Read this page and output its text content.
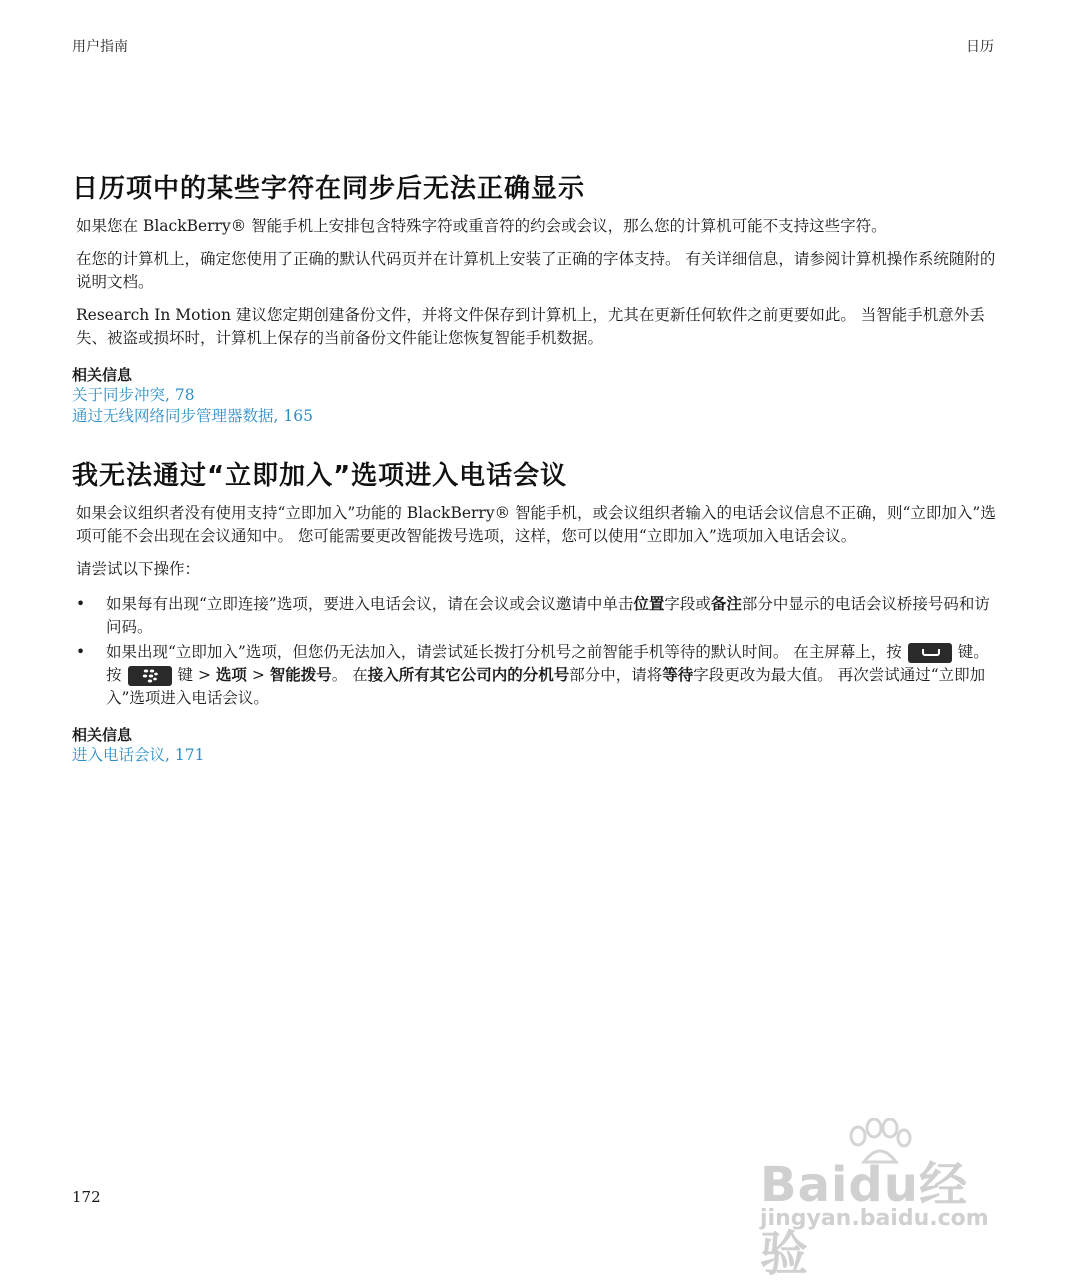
用户指南	日历
日历项中的某些字符在同步后无法正确显示

如果您在 BlackBerry® 智能手机上安排包含特殊字符或重音符的约会或会议，那么您的计算机可能不支持这些字符。

在您的计算机上，确定您使用了正确的默认代码页并在计算机上安装了正确的字体支持。 有关详细信息，请参阅计算机操作系统随附的说明文档。

Research In Motion 建议您定期创建备份文件，并将文件保存到计算机上，尤其在更新任何软件之前更要如此。 当智能手机意外丢失、被盗或损坏时，计算机上保存的当前备份文件能让您恢复智能手机数据。

相关信息
关于同步冲突, 78
通过无线网络同步管理器数据, 165
我无法通过“立即加入”选项进入电话会议

如果会议组织者没有使用支持“立即加入”功能的 BlackBerry® 智能手机，或会议组织者输入的电话会议信息不正确，则“立即加入”选项可能不会出现在会议通知中。 您可能需要更改智能拨号选项，这样，您可以使用“立即加入”选项加入电话会议。

请尝试以下操作：

• 如果每有出现“立即连接”选项，要进入电话会议，请在会议或会议邀请中单击位置字段或备注部分中显示的电话会议桥接号码和访问码。
• 如果出现“立即加入”选项，但您仍无法加入，请尝试延长拨打分机号之前智能手机等待的默认时间。 在主屏幕上，按	键。 按	键 > 选项 > 智能拨号。 在接入所有其它公司内的分机号部分中，请将等待字段更改为最大值。 再次尝试通过“立即加入”选项进入电话会议。
相关信息
进入电话会议, 171
172	Baidu经验
jingyan.baidu.com
